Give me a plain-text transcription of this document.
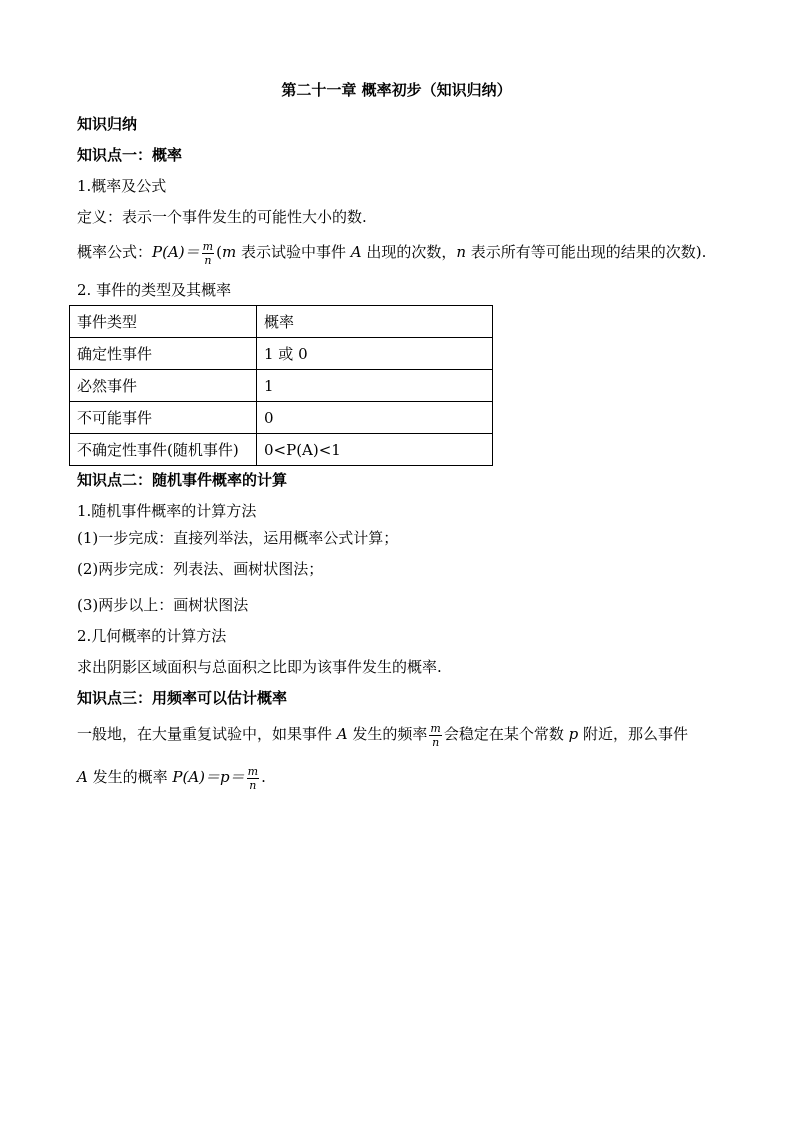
第二十一章 概率初步（知识归纳）
知识归纳
知识点一：概率
1.概率及公式
定义：表示一个事件发生的可能性大小的数.
概率公式：$P(A)= \frac{m}{n} (m$ 表示试验中事件 A 出现的次数，n 表示所有等可能出现的结果的次数).
2. 事件的类型及其概率
事件类型	概率
确定性事件	1 或 0
必然事件	1
不可能事件	0
不确定性事件(随机事件)	0<P(A)<1
知识点二：随机事件概率的计算
1.随机事件概率的计算方法
(1)一步完成：直接列举法，运用概率公式计算；
(2)两步完成：列表法、画树状图法；
(3)两步以上：画树状图法
2.几何概率的计算方法
求出阴影区域面积与总面积之比即为该事件发生的概率.
知识点三：用频率可以估计概率
一般地，在大量重复试验中，如果事件 A 发生的频率 $\frac{m}{n}$ 会稳定在某个常数 p 附近，那么事件
A 发生的概率 $P(A)=p= \frac{m}{n}$ .
